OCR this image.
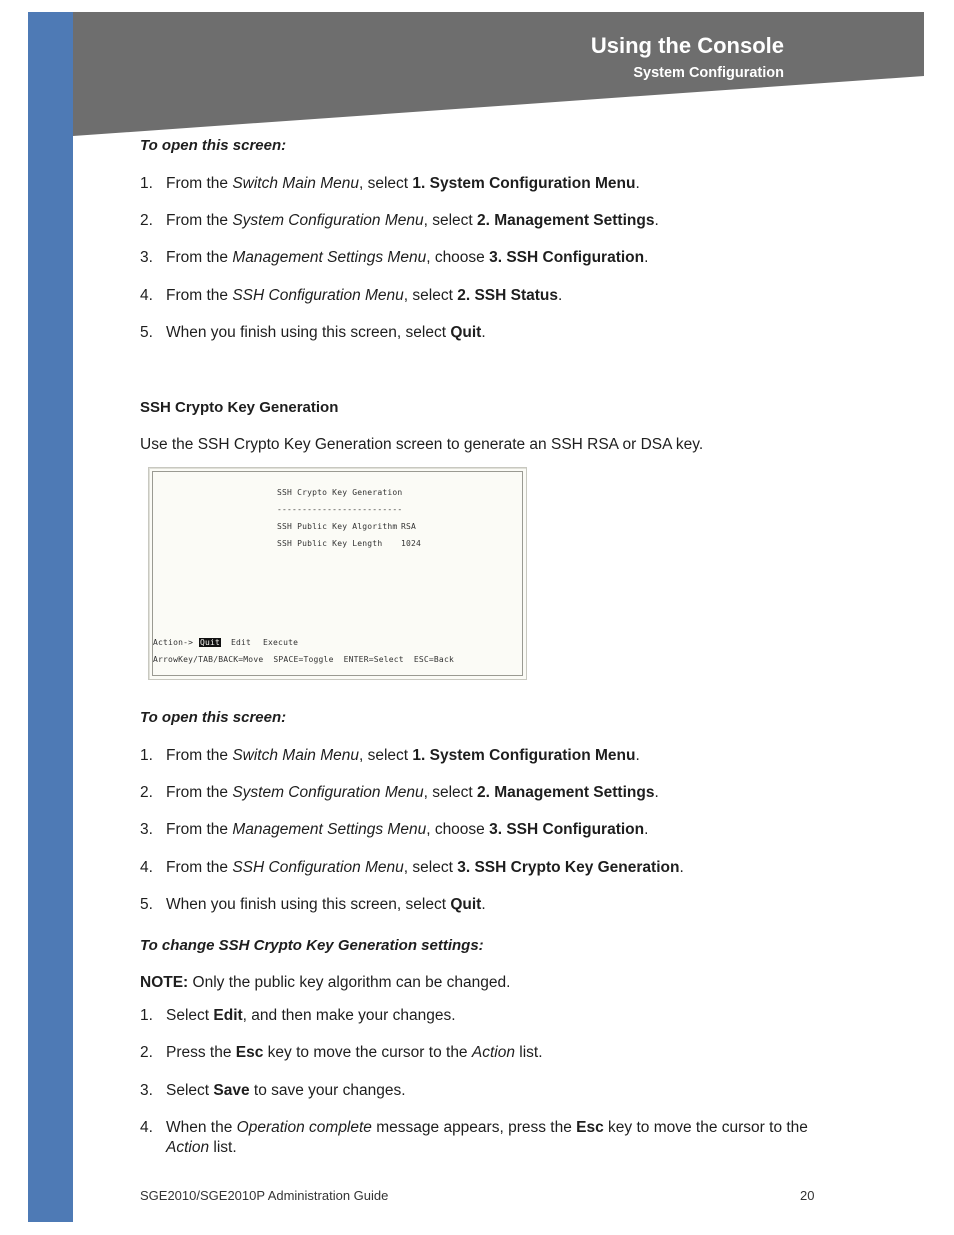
Using the Console
System Configuration
To open this screen:
1. From the Switch Main Menu, select 1. System Configuration Menu.
2. From the System Configuration Menu, select 2. Management Settings.
3. From the Management Settings Menu, choose 3. SSH Configuration.
4. From the SSH Configuration Menu, select 2. SSH Status.
5. When you finish using this screen, select Quit.
SSH Crypto Key Generation
Use the SSH Crypto Key Generation screen to generate an SSH RSA or DSA key.
SSH Crypto Key Generation
-------------------------
SSH Public Key Algorithm RSA
SSH Public Key Length 1024
Action-> Quit Edit Execute
ArrowKey/TAB/BACK=Move  SPACE=Toggle  ENTER=Select  ESC=Back
To open this screen:
1. From the Switch Main Menu, select 1. System Configuration Menu.
2. From the System Configuration Menu, select 2. Management Settings.
3. From the Management Settings Menu, choose 3. SSH Configuration.
4. From the SSH Configuration Menu, select 3. SSH Crypto Key Generation.
5. When you finish using this screen, select Quit.
To change SSH Crypto Key Generation settings:
NOTE: Only the public key algorithm can be changed.
1. Select Edit, and then make your changes.
2. Press the Esc key to move the cursor to the Action list.
3. Select Save to save your changes.
4. When the Operation complete message appears, press the Esc key to move the cursor to the
Action list.
SGE2010/SGE2010P Administration Guide	20
